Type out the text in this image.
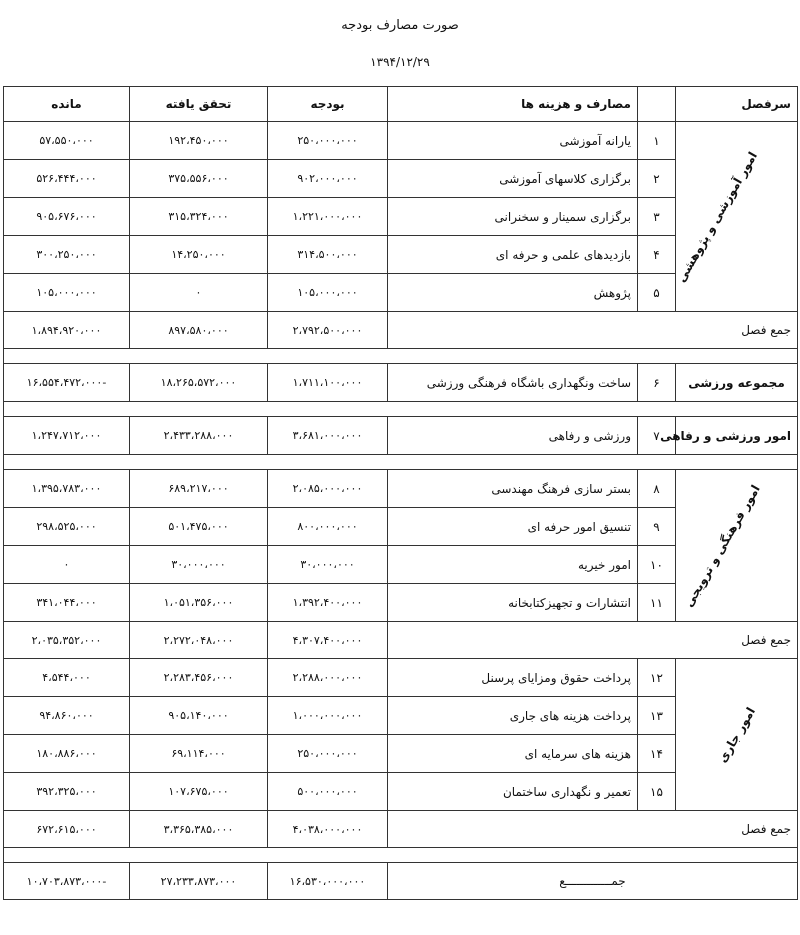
صورت مصارف بودجه
۱۳۹۴/۱۲/۲۹
سرفصل		مصارف و هزینه ها	بودجه	تحقق یافته	مانده
امور آموزشی و پژوهشی	۱	یارانه آموزشی	۲۵۰،۰۰۰،۰۰۰	۱۹۲،۴۵۰،۰۰۰	۵۷،۵۵۰،۰۰۰
	۲	برگزاری کلاسهای آموزشی	۹۰۲،۰۰۰،۰۰۰	۳۷۵،۵۵۶،۰۰۰	۵۲۶،۴۴۴،۰۰۰
	۳	برگزاری سمینار و سخنرانی	۱،۲۲۱،۰۰۰،۰۰۰	۳۱۵،۳۲۴،۰۰۰	۹۰۵،۶۷۶،۰۰۰
	۴	بازدیدهای علمی و حرفه ای	۳۱۴،۵۰۰،۰۰۰	۱۴،۲۵۰،۰۰۰	۳۰۰،۲۵۰،۰۰۰
	۵	پژوهش	۱۰۵،۰۰۰،۰۰۰	۰	۱۰۵،۰۰۰،۰۰۰
جمع فصل			۲،۷۹۲،۵۰۰،۰۰۰	۸۹۷،۵۸۰،۰۰۰	۱،۸۹۴،۹۲۰،۰۰۰

مجموعه ورزشی	۶	ساخت ونگهداری باشگاه فرهنگی ورزشی	۱،۷۱۱،۱۰۰،۰۰۰	۱۸،۲۶۵،۵۷۲،۰۰۰	-۱۶،۵۵۴،۴۷۲،۰۰۰

امور ورزشی و رفاهی	۷	ورزشی و رفاهی	۳،۶۸۱،۰۰۰،۰۰۰	۲،۴۳۳،۲۸۸،۰۰۰	۱،۲۴۷،۷۱۲،۰۰۰

امور فرهنگی و ترویجی	۸	بستر سازی فرهنگ مهندسی	۲،۰۸۵،۰۰۰،۰۰۰	۶۸۹،۲۱۷،۰۰۰	۱،۳۹۵،۷۸۳،۰۰۰
	۹	تنسیق امور حرفه ای	۸۰۰،۰۰۰،۰۰۰	۵۰۱،۴۷۵،۰۰۰	۲۹۸،۵۲۵،۰۰۰
	۱۰	امور خیریه	۳۰،۰۰۰،۰۰۰	۳۰،۰۰۰،۰۰۰	۰
	۱۱	انتشارات و تجهیزکتابخانه	۱،۳۹۲،۴۰۰،۰۰۰	۱،۰۵۱،۳۵۶،۰۰۰	۳۴۱،۰۴۴،۰۰۰
جمع فصل			۴،۳۰۷،۴۰۰،۰۰۰	۲،۲۷۲،۰۴۸،۰۰۰	۲،۰۳۵،۳۵۲،۰۰۰
امور جاری	۱۲	پرداخت حقوق ومزایای پرسنل	۲،۲۸۸،۰۰۰،۰۰۰	۲،۲۸۳،۴۵۶،۰۰۰	۴،۵۴۴،۰۰۰
	۱۳	پرداخت هزینه های جاری	۱،۰۰۰،۰۰۰،۰۰۰	۹۰۵،۱۴۰،۰۰۰	۹۴،۸۶۰،۰۰۰
	۱۴	هزینه های سرمایه ای	۲۵۰،۰۰۰،۰۰۰	۶۹،۱۱۴،۰۰۰	۱۸۰،۸۸۶،۰۰۰
	۱۵	تعمیر و نگهداری ساختمان	۵۰۰،۰۰۰،۰۰۰	۱۰۷،۶۷۵،۰۰۰	۳۹۲،۳۲۵،۰۰۰
جمع فصل			۴،۰۳۸،۰۰۰،۰۰۰	۳،۳۶۵،۳۸۵،۰۰۰	۶۷۲،۶۱۵،۰۰۰

جمـــــــــــــع			۱۶،۵۳۰،۰۰۰،۰۰۰	۲۷،۲۳۳،۸۷۳،۰۰۰	-۱۰،۷۰۳،۸۷۳،۰۰۰
